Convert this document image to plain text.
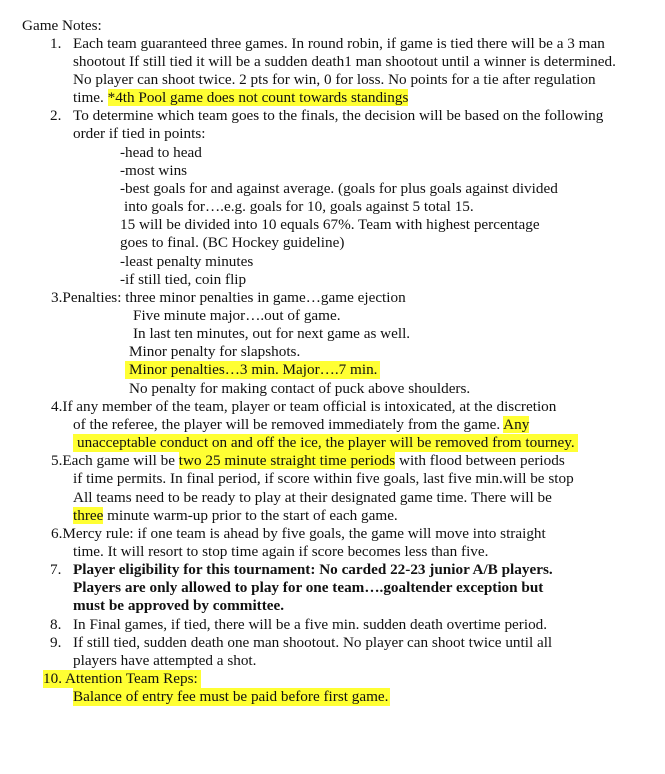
Game Notes:
1. Each team guaranteed three games. In round robin, if game is tied there will be a 3 man
shootout If still tied it will be a sudden death1 man shootout until a winner is determined.
No player can shoot twice. 2 pts for win, 0 for loss. No points for a tie after regulation
time. *4th Pool game does not count towards standings
2. To determine which team goes to the finals, the decision will be based on the following
order if tied in points:
-head to head
-most wins
-best goals for and against average. (goals for plus goals against divided
into goals for….e.g. goals for 10, goals against 5 total 15.
15 will be divided into 10 equals 67%. Team with highest percentage
goes to final. (BC Hockey guideline)
-least penalty minutes
-if still tied, coin flip
3.Penalties: three minor penalties in game…game ejection
Five minute major….out of game.
In last ten minutes, out for next game as well.
Minor penalty for slapshots.
Minor penalties…3 min. Major….7 min.
No penalty for making contact of puck above shoulders.
4.If any member of the team, player or team official is intoxicated, at the discretion
of the referee, the player will be removed immediately from the game. Any
unacceptable conduct on and off the ice, the player will be removed from tourney.
5.Each game will be two 25 minute straight time periods with flood between periods
if time permits. In final period, if score within five goals, last five min.will be stop
All teams need to be ready to play at their designated game time. There will be
three minute warm-up prior to the start of each game.
6.Mercy rule: if one team is ahead by five goals, the game will move into straight
time. It will resort to stop time again if score becomes less than five.
7. Player eligibility for this tournament: No carded 22-23 junior A/B players.
Players are only allowed to play for one team….goaltender exception but
must be approved by committee.
8. In Final games, if tied, there will be a five min. sudden death overtime period.
9. If still tied, sudden death one man shootout. No player can shoot twice until all
players have attempted a shot.
10. Attention Team Reps:
Balance of entry fee must be paid before first game.
